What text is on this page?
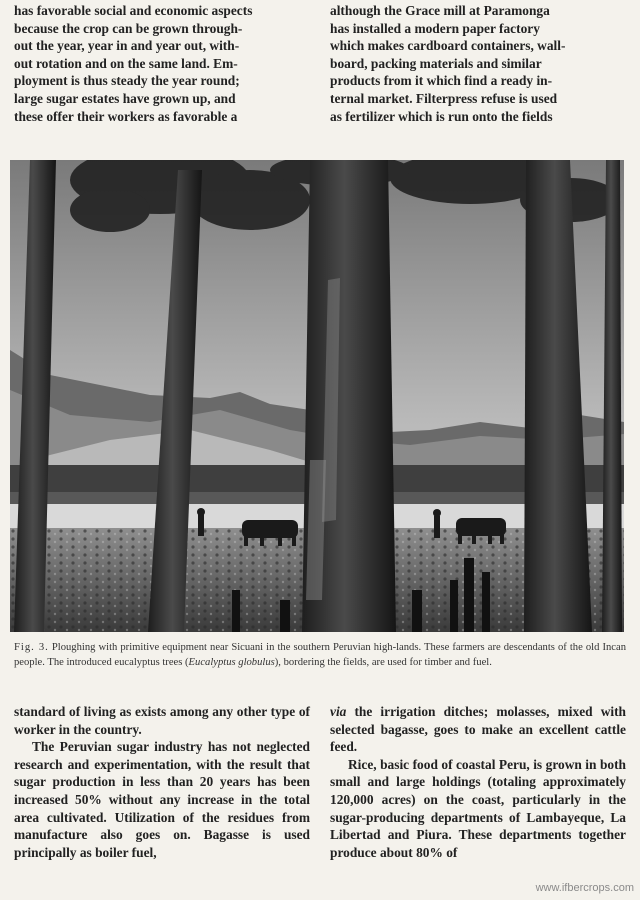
has favorable social and economic aspects

because the crop can be grown through-

out the year, year in and year out, with-

out rotation and on the same land. Em-

ployment is thus steady the year round;

large sugar estates have grown up, and

these offer their workers as favorable a

although the Grace mill at Paramonga

has installed a modern paper factory

which makes cardboard containers, wall-

board, packing materials and similar

products from it which find a ready in-

ternal market. Filterpress refuse is used

as fertilizer which is run onto the fields

Fig. 3. Ploughing with primitive equipment near Sicuani in the southern Peruvian high-lands. These farmers are descendants of the old Incan people. The introduced eucalyptus trees (Eucalyptus globulus), bordering the fields, are used for timber and fuel.

standard of living as exists among any other type of worker in the country.

The Peruvian sugar industry has not neglected research and experimentation, with the result that sugar production in less than 20 years has been increased 50% without any increase in the total area cultivated. Utilization of the residues from manufacture also goes on. Bagasse is used principally as boiler fuel,

via the irrigation ditches; molasses, mixed with selected bagasse, goes to make an excellent cattle feed.

Rice, basic food of coastal Peru, is grown in both small and large holdings (totaling approximately 120,000 acres) on the coast, particularly in the sugar-producing departments of Lambayeque, La Libertad and Piura. These departments together produce about 80% of

www.ifbercrops.com
